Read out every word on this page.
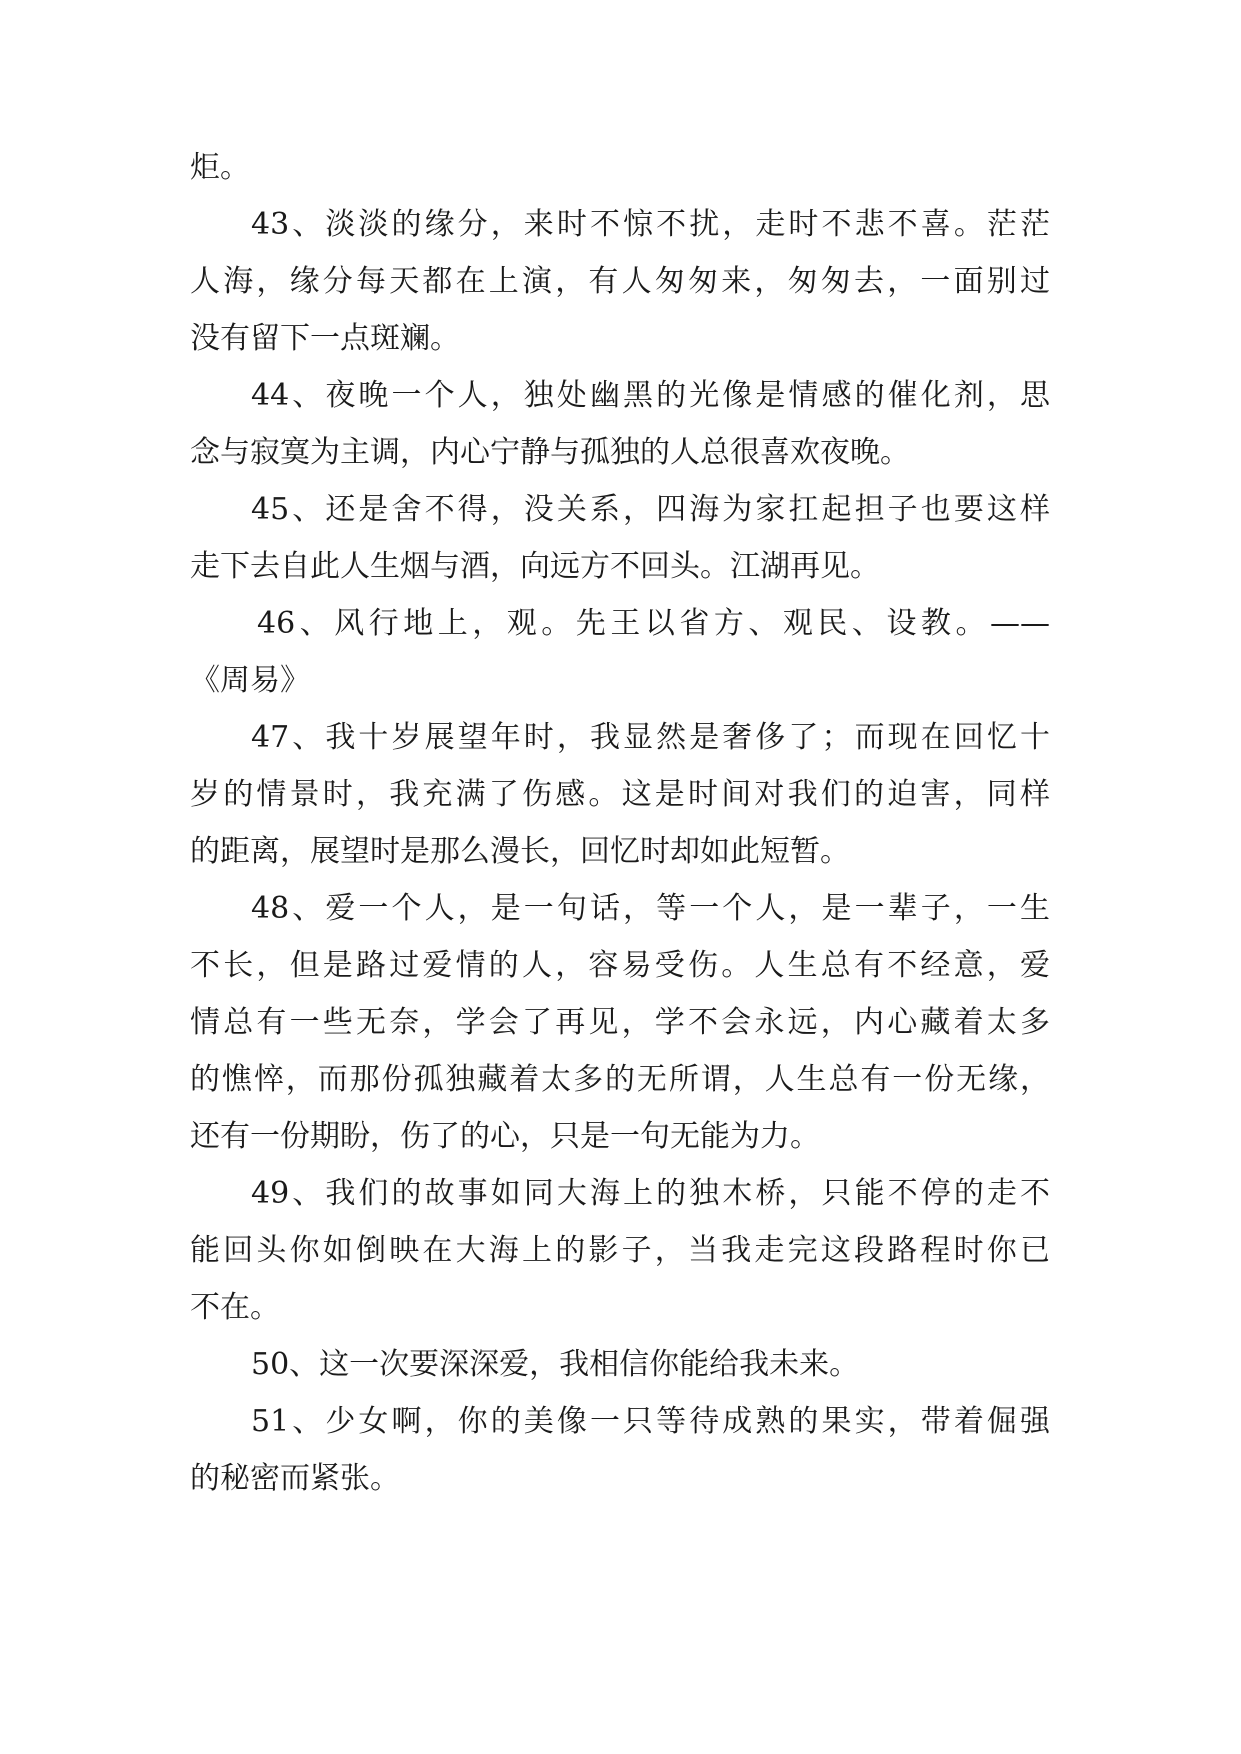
炬。
43、淡淡的缘分，来时不惊不扰，走时不悲不喜。茫茫
人海，缘分每天都在上演，有人匆匆来，匆匆去，一面别过
没有留下一点斑斓。
44、夜晚一个人，独处幽黑的光像是情感的催化剂，思
念与寂寞为主调，内心宁静与孤独的人总很喜欢夜晚。
45、还是舍不得，没关系，四海为家扛起担子也要这样
走下去自此人生烟与酒，向远方不回头。江湖再见。
46、风行地上，观。先王以省方、观民、设教。——
《周易》
47、我十岁展望年时，我显然是奢侈了；而现在回忆十
岁的情景时，我充满了伤感。这是时间对我们的迫害，同样
的距离，展望时是那么漫长，回忆时却如此短暂。
48、爱一个人，是一句话，等一个人，是一辈子，一生
不长，但是路过爱情的人，容易受伤。人生总有不经意，爱
情总有一些无奈，学会了再见，学不会永远，内心藏着太多
的憔悴，而那份孤独藏着太多的无所谓，人生总有一份无缘，
还有一份期盼，伤了的心，只是一句无能为力。
49、我们的故事如同大海上的独木桥，只能不停的走不
能回头你如倒映在大海上的影子，当我走完这段路程时你已
不在。
50、这一次要深深爱，我相信你能给我未来。
51、少女啊，你的美像一只等待成熟的果实，带着倔强
的秘密而紧张。
